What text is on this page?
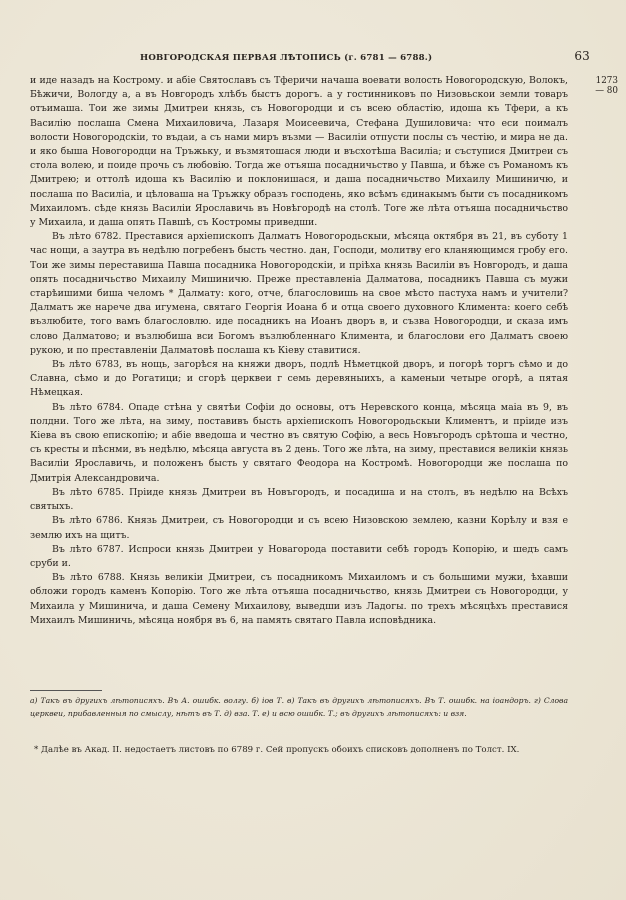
НОВГОРОДСКАЯ ПЕРВАЯ ЛѢТОПИСЬ (г. 6781 — 6788.)	63
1273
— 80

и иде назадъ на Кострому. и абiе Святославъ съ Тферичи начаша воевати волость Новогородскую, Волокъ, Бѣжичи, Вологду а, а въ Новгородъ хлѣбъ быстъ дорогъ. а у гостинниковъ по Низовьскои земли товаръ отъимаша. Тои же зимы Дмитреи князь, съ Новогородци и съ всею областiю, идоша къ Тфери, а къ Василiю послаша Смена Михаиловича, Лазаря Моисеевича, Стефана Душиловича: что еси поималъ волости Новогородскiи, то въдаи, а съ нами миръ възми — Василiи отпусти послы съ честiю, и мира не да. и яко быша Новогородци на Тръжьку, и възмятошася люди и въсхотѣша Василiа; и съступися Дмитреи съ стола волею, и поиде прочь съ любовiю. Тогда же отъяша посадничьство у Павша, и бѣже съ Романомъ къ Дмитрею; и оттолѣ идоша къ Василiю и поклонишася, и даша посадничьство Михаилу Мишиничю, и послаша по Василiа, и цѣловаша на Тръжку образъ господень, яко всѣмъ єдинакымъ быти съ посадникомъ Михаиломъ. сѣде князь Василiи Ярославичь въ Новѣгородѣ на столѣ. Тоге же лѣта отъяша посадничьство у Михаила, и даша опять Павшѣ, съ Костромы приведши.

Въ лѣто 6782. Преставися архiепископъ Далматъ Новогородьскыи, мѣсяца октября въ 21, въ суботу 1 час нощи, а заутра въ недѣлю погребенъ бысть честно. дан, Господи, молитву его кланяющимся гробу его. Тои же зимы переставиша Павша посадника Новогородскiи, и прiѣха князь Василiи въ Новгородъ, и даша опять посадничьство Михаилу Мишиничю. Преже преставленiа Далматова, посадникъ Павша съ мужи старѣишими биша челомъ * Далмату: кого, отче, благословишь на свое мѣсто пастуха намъ и учители? Далматъ же нарече два игумена, святаго Георгiя Иоана б и отца своего духовного Климента: коего себѣ възлюбите, того вамъ благословлю. иде посадникъ на Иоанъ дворъ в, и съзва Новогородци, и сказа имъ слово Далматово; и възлюбиша вси Богомъ възлюбленнаго Климента, и благослови его Далматъ своею рукою, и по преставленiи Далматовѣ послаша къ Кiеву ставитися.

Въ лѣто 6783, въ нощь, загорѣся на княжи дворъ, подлѣ Нѣметцкой дворъ, и погорѣ торгъ сѣмо и до Славна, сѣмо и до Рогатици; и сгорѣ церквеи г семь деревяныихъ, а каменыи четыре огорѣ, а пятая Нѣмецкая.

Въ лѣто 6784. Опаде стѣна у святѣи Софiи до основы, отъ Неревского конца, мѣсяца маiа въ 9, въ полдни. Того же лѣта, на зиму, поставивъ бысть архiепископъ Новогородьскыи Климентъ, и прiиде изъ Кiева въ свою епископiю; и абiе введоша и честно въ святую Софiю, а весь Новъгородъ срѣтоша и честно, съ кресты и пѣснми, въ недѣлю, мѣсяца августа въ 2 день. Того же лѣта, на зиму, преставися великiи князь Василiи Ярославичь, и положенъ бысть у святаго Феодора на Костромѣ. Новогородци же послаша по Дмитрiя Александровича.

Въ лѣто 6785. Прiиде князь Дмитреи въ Новъгородъ, и посадиша и на столъ, въ недѣлю на Всѣхъ святыхъ.

Въ лѣто 6786. Князь Дмитреи, съ Новогородци и съ всею Низовскою землею, казни Корѣлу и взя е землю ихъ на щитъ.

Въ лѣто 6787. Испроси князь Дмитреи у Новагорода поставити себѣ городъ Копорiю, и шедъ самъ сруби и.

Въ лѣто 6788. Князь великiи Дмитреи, съ посадникомъ Михаиломъ и съ большими мужи, ѣхавши обложи городъ каменъ Копорiю. Того же лѣта отъяша посадничьство, князь Дмитреи съ Новогородци, у Михаила у Мишинича, и даша Семену Михаиловy, выведши изъ Ладогы. по трехъ мѣсяцѣхъ преставися Михаилъ Мишиничь, мѣсяца ноября въ 6, на память святаго Павла исповѣдника.

а) Такъ въ другихъ лѣтописяхъ. Въ А. ошибк. волгу. б) iов Т. в) Такъ въ другихъ лѣтописяхъ. Въ Т. ошибк. на iоандоръ. г) Слова церквеи, прибавленныя по смыслу, нѣтъ въ Т. д) вза. Т. е) и всю ошибк. Т.; въ другихъ лѣтописяхъ: и взя.
* Далѣе въ Акад. II. недостаетъ листовъ по 6789 г. Сей пропускъ обоихъ списковъ дополненъ по Толст. IX.
